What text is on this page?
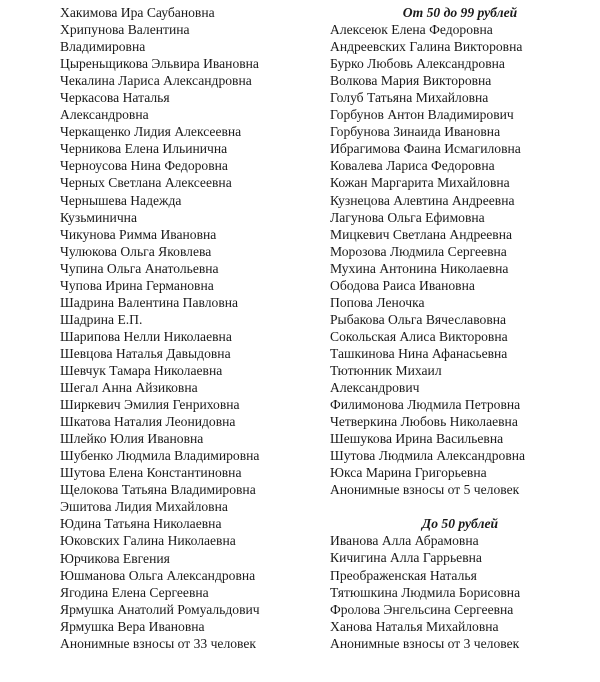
Хакимова Ира Саубановна
Хрипунова Валентина
Владимировна
Цыреньщикова Эльвира Ивановна
Чекалина Лариса Александровна
Черкасова Наталья
Александровна
Черкащенко Лидия Алексеевна
Черникова Елена Ильинична
Черноусова Нина Федоровна
Черных Светлана Алексеевна
Чернышева Надежда
Кузьминична
Чикунова Римма Ивановна
Чулюкова Ольга Яковлева
Чупина Ольга Анатольевна
Чупова Ирина Германовна
Шадрина Валентина Павловна
Шадрина Е.П.
Шарипова Нелли Николаевна
Шевцова Наталья Давыдовна
Шевчук Тамара Николаевна
Шегал Анна Айзиковна
Ширкевич Эмилия Генриховна
Шкатова Наталия Леонидовна
Шлейко Юлия Ивановна
Шубенко Людмила Владимировна
Шутова Елена Константиновна
Щелокова Татьяна Владимировна
Эшитова Лидия Михайловна
Юдина Татьяна Николаевна
Юковских Галина Николаевна
Юрчикова Евгения
Юшманова Ольга Александровна
Ягодина Елена Сергеевна
Ярмушка Анатолий Ромуальдович
Ярмушка Вера Ивановна
Анонимные взносы от 33 человек
От 50 до 99 рублей
Алексеюк Елена Федоровна
Андреевских Галина Викторовна
Бурко Любовь Александровна
Волкова Мария Викторовна
Голуб Татьяна Михайловна
Горбунов Антон Владимирович
Горбунова Зинаида Ивановна
Ибрагимова Фаина Исмагиловна
Ковалева Лариса Федоровна
Кожан Маргарита Михайловна
Кузнецова Алевтина Андреевна
Лагунова Ольга Ефимовна
Мицкевич Светлана Андреевна
Морозова Людмила Сергеевна
Мухина Антонина Николаевна
Ободова Раиса Ивановна
Попова Леночка
Рыбакова Ольга Вячеславовна
Сокольская Алиса Викторовна
Ташкинова Нина Афанасьевна
Тютюнник Михаил
Александрович
Филимонова Людмила Петровна
Четверкина Любовь Николаевна
Шешукова Ирина Васильевна
Шутова Людмила Александровна
Юкса Марина Григорьевна
Анонимные взносы от 5 человек
До 50 рублей
Иванова Алла Абрамовна
Кичигина Алла Гаррьевна
Преображенская Наталья
Тятюшкина Людмила Борисовна
Фролова Энгельсина Сергеевна
Ханова Наталья Михайловна
Анонимные взносы от 3 человек
